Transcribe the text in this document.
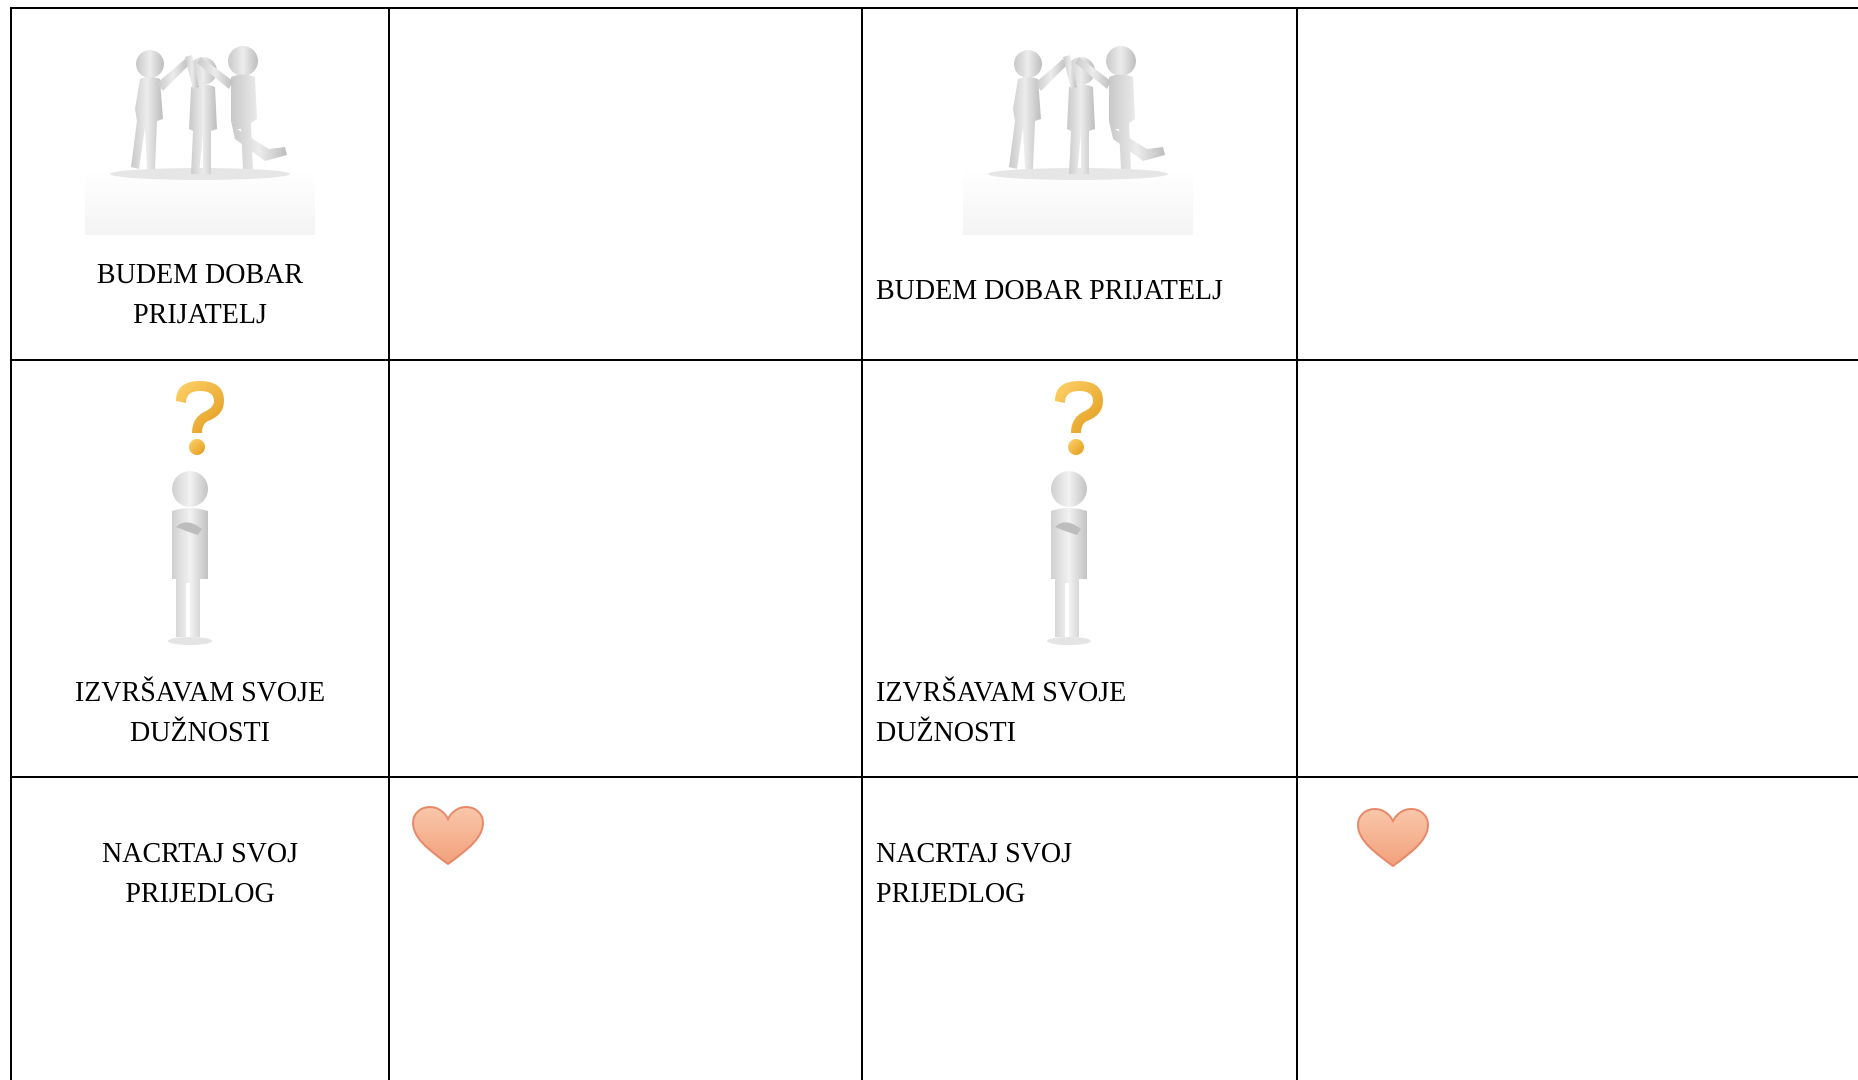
BUDEM DOBAR PRIJATELJ
BUDEM DOBAR PRIJATELJ
IZVRŠAVAM SVOJE DUŽNOSTI
IZVRŠAVAM SVOJE DUŽNOSTI
NACRTAJ SVOJ PRIJEDLOG
NACRTAJ SVOJ PRIJEDLOG
